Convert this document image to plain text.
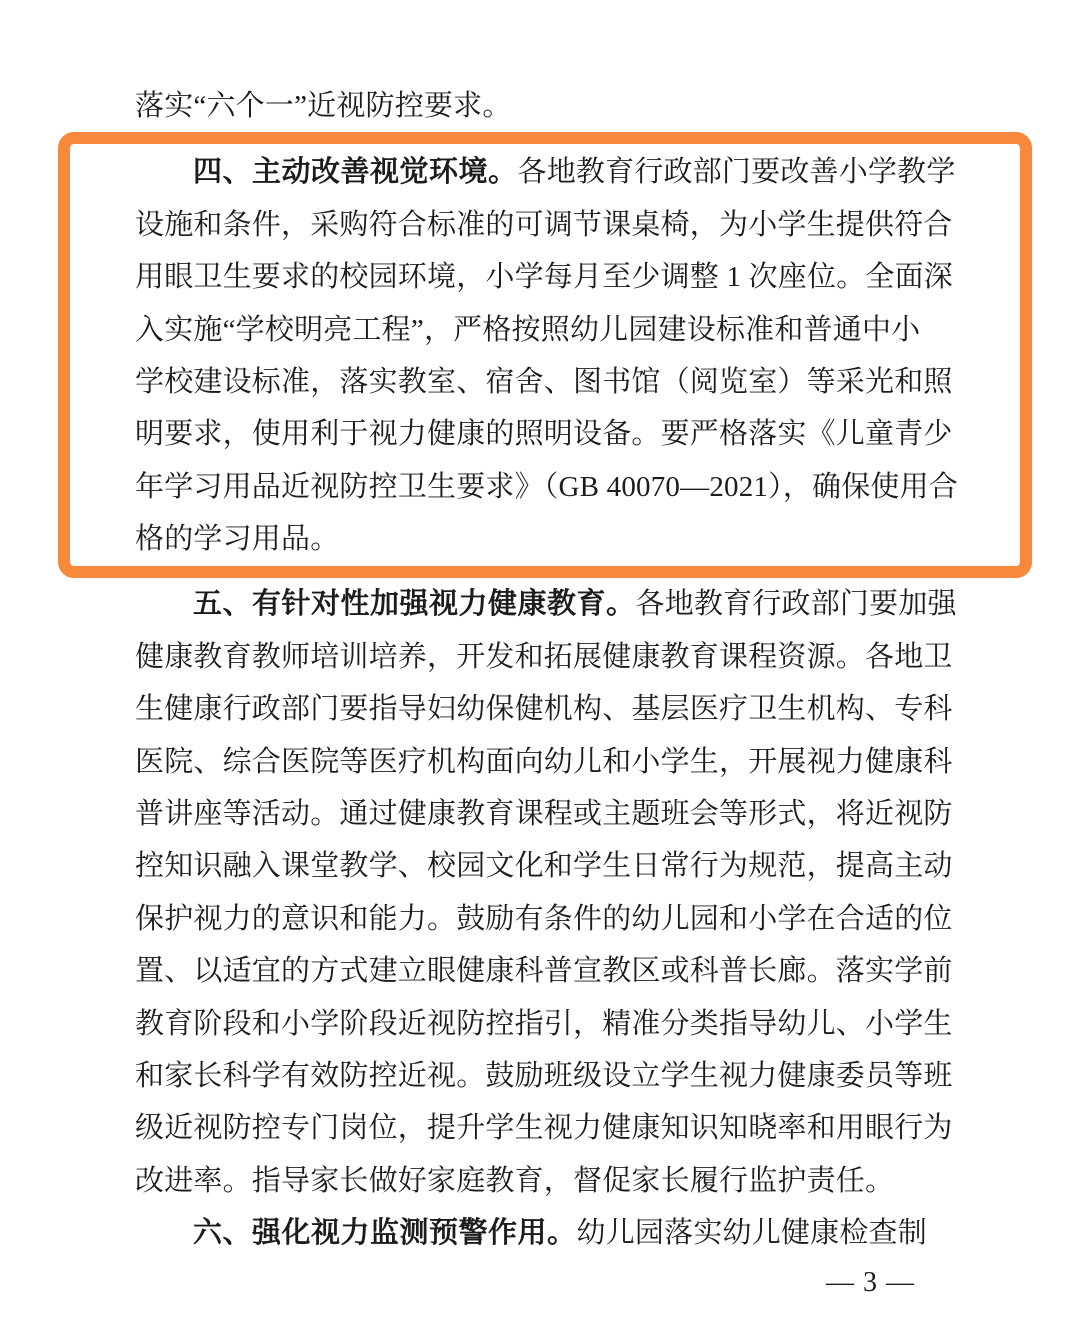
落实“六个一”近视防控要求。
四、主动改善视觉环境。各地教育行政部门要改善小学教学
设施和条件，采购符合标准的可调节课桌椅，为小学生提供符合
用眼卫生要求的校园环境，小学每月至少调整 1 次座位。全面深
入实施“学校明亮工程”，严格按照幼儿园建设标准和普通中小
学校建设标准，落实教室、宿舍、图书馆（阅览室）等采光和照
明要求，使用利于视力健康的照明设备。要严格落实《儿童青少
年学习用品近视防控卫生要求》（GB 40070—2021），确保使用合
格的学习用品。
五、有针对性加强视力健康教育。各地教育行政部门要加强
健康教育教师培训培养，开发和拓展健康教育课程资源。各地卫
生健康行政部门要指导妇幼保健机构、基层医疗卫生机构、专科
医院、综合医院等医疗机构面向幼儿和小学生，开展视力健康科
普讲座等活动。通过健康教育课程或主题班会等形式，将近视防
控知识融入课堂教学、校园文化和学生日常行为规范，提高主动
保护视力的意识和能力。鼓励有条件的幼儿园和小学在合适的位
置、以适宜的方式建立眼健康科普宣教区或科普长廊。落实学前
教育阶段和小学阶段近视防控指引，精准分类指导幼儿、小学生
和家长科学有效防控近视。鼓励班级设立学生视力健康委员等班
级近视防控专门岗位，提升学生视力健康知识知晓率和用眼行为
改进率。指导家长做好家庭教育，督促家长履行监护责任。
六、强化视力监测预警作用。幼儿园落实幼儿健康检查制
— 3 —
